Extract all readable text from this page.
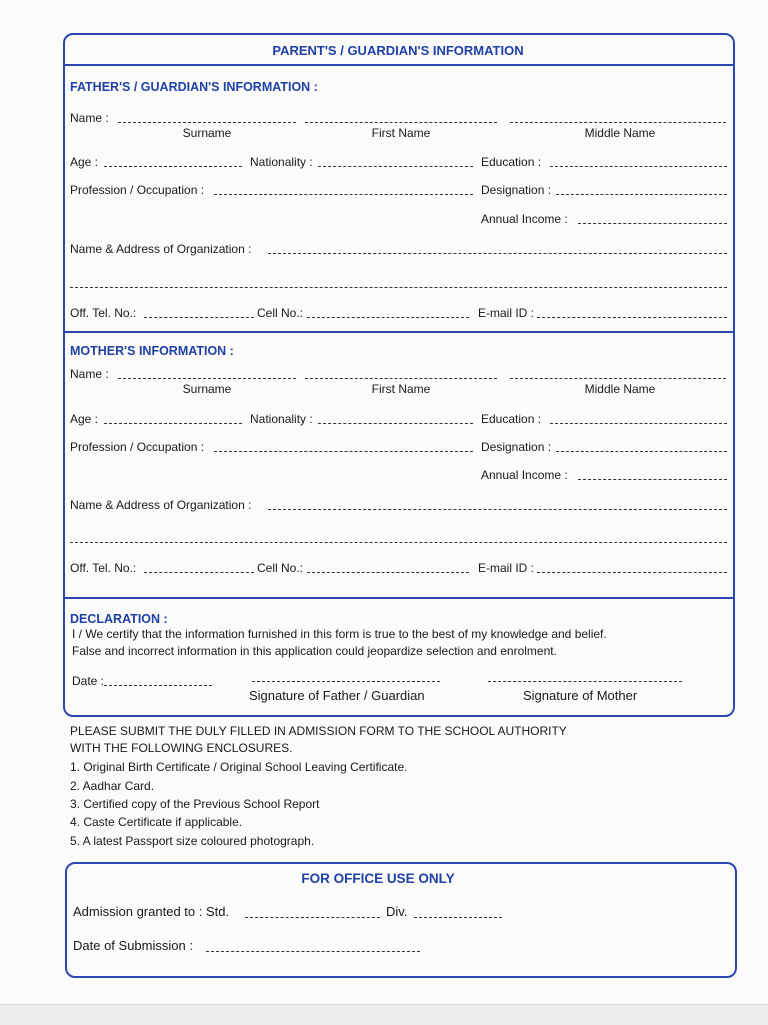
PARENT'S / GUARDIAN'S INFORMATION
FATHER'S / GUARDIAN'S INFORMATION :
Name :
Surname	First Name	Middle Name
Age :	Nationality :	Education :
Profession / Occupation :	Designation :
Annual Income :
Name & Address of Organization :
Off. Tel. No.:	Cell No.:	E-mail ID :
MOTHER'S INFORMATION :
Name :
Surname	First Name	Middle Name
Age :	Nationality :	Education :
Profession / Occupation :	Designation :
Annual Income :
Name & Address of Organization :
Off. Tel. No.:	Cell No.:	E-mail ID :
DECLARATION :
I / We certify that the information furnished in this form is true to the best of my knowledge and belief.
False and incorrect information in this application could jeopardize selection and enrolment.
Date :
Signature of Father / Guardian	Signature of Mother
PLEASE SUBMIT THE DULY FILLED IN ADMISSION FORM TO THE SCHOOL AUTHORITY
WITH THE FOLLOWING ENCLOSURES.
1. Original Birth Certificate / Original School Leaving Certificate.
2. Aadhar Card.
3. Certified copy of the Previous School Report
4. Caste Certificate if applicable.
5. A latest Passport size coloured photograph.
FOR OFFICE USE ONLY
Admission granted to : Std.	Div.
Date of Submission :
